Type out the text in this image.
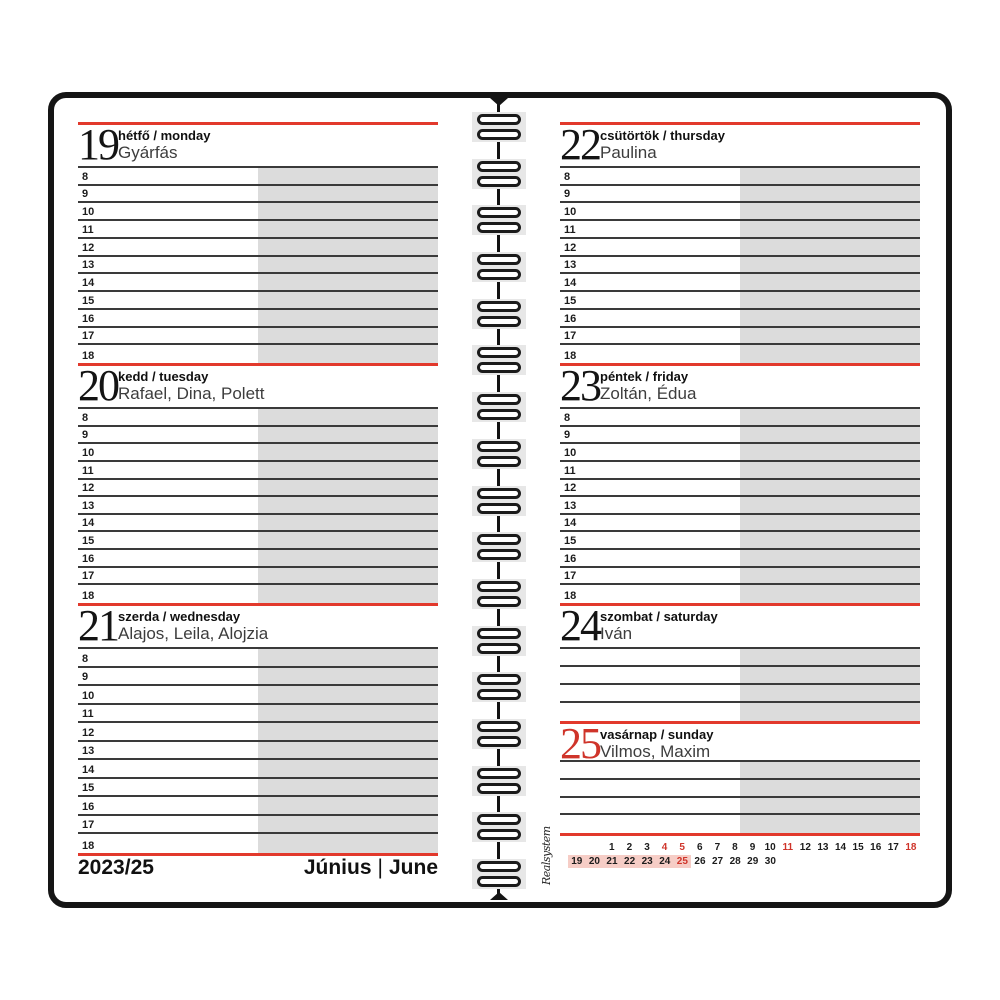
19 hétfő / monday
Gyárfás
8
9
10
11
12
13
14
15
16
17
18
20 kedd / tuesday
Rafael, Dina, Polett
8
9
10
11
12
13
14
15
16
17
18
21 szerda / wednesday
Alajos, Leila, Alojzia
8
9
10
11
12
13
14
15
16
17
18
22 csütörtök / thursday
Paulina
8
9
10
11
12
13
14
15
16
17
18
23 péntek / friday
Zoltán, Édua
8
9
10
11
12
13
14
15
16
17
18
24 szombat / saturday
Iván
25 vasárnap / sunday
Vilmos, Maxim
2023/25	Június | June	Realsystem	1	2	3	4	5	6	7	8	9 10 11 12 13 14 15 16 17 18
19 20 21 22 23 24 25 26 27 28 29 30
